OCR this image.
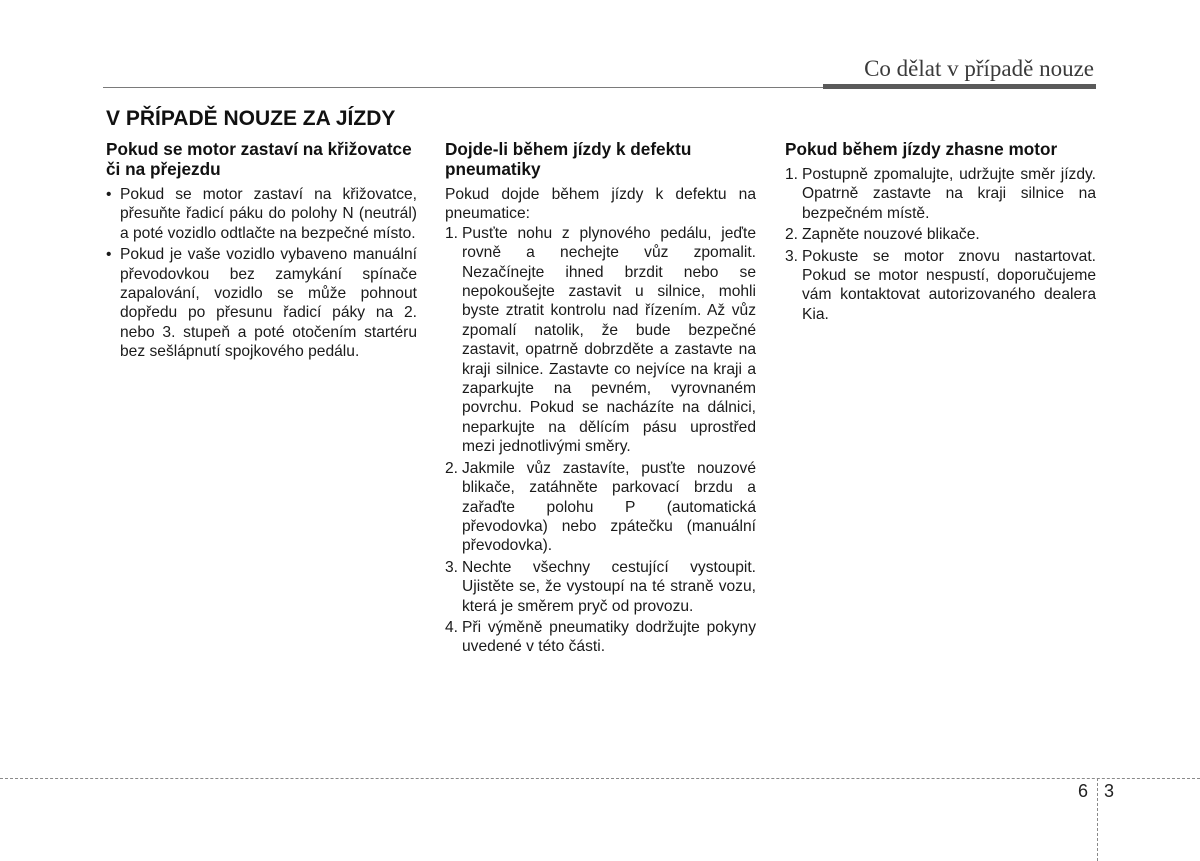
Co dělat v případě nouze
V PŘÍPADĚ NOUZE ZA JÍZDY
Pokud se motor zastaví na křižovatce či na přejezdu
• Pokud se motor zastaví na křižovatce, přesuňte řadicí páku do polohy N (neutrál) a poté vozidlo odtlačte na bezpečné místo.
• Pokud je vaše vozidlo vybaveno manuální převodovkou bez zamykání spínače zapalování, vozidlo se může pohnout dopředu po přesunu řadicí páky na 2. nebo 3. stupeň a poté otočením startéru bez sešlápnutí spojkového pedálu.
Dojde-li během jízdy k defektu pneumatiky

Pokud dojde během jízdy k defektu na pneumatice:

1. Pusťte nohu z plynového pedálu, jeďte rovně a nechejte vůz zpomalit. Nezačínejte ihned brzdit nebo se nepokoušejte zastavit u silnice, mohli byste ztratit kontrolu nad řízením. Až vůz zpomalí natolik, že bude bezpečné zastavit, opatrně dobrzděte a zastavte na kraji silnice. Zastavte co nejvíce na kraji a zaparkujte na pevném, vyrovnaném povrchu. Pokud se nacházíte na dálnici, neparkujte na dělícím pásu uprostřed mezi jednotlivými směry.
2. Jakmile vůz zastavíte, pusťte nouzové blikače, zatáhněte parkovací brzdu a zařaďte polohu P (automatická převodovka) nebo zpátečku (manuální převodovka).
3. Nechte všechny cestující vystoupit. Ujistěte se, že vystoupí na té straně vozu, která je směrem pryč od provozu.
4. Při výměně pneumatiky dodržujte pokyny uvedené v této části.
Pokud během jízdy zhasne motor
1. Postupně zpomalujte, udržujte směr jízdy. Opatrně zastavte na kraji silnice na bezpečném místě.
2. Zapněte nouzové blikače.
3. Pokuste se motor znovu nastartovat. Pokud se motor nespustí, doporučujeme vám kontaktovat autorizovaného dealera Kia.
6 3
